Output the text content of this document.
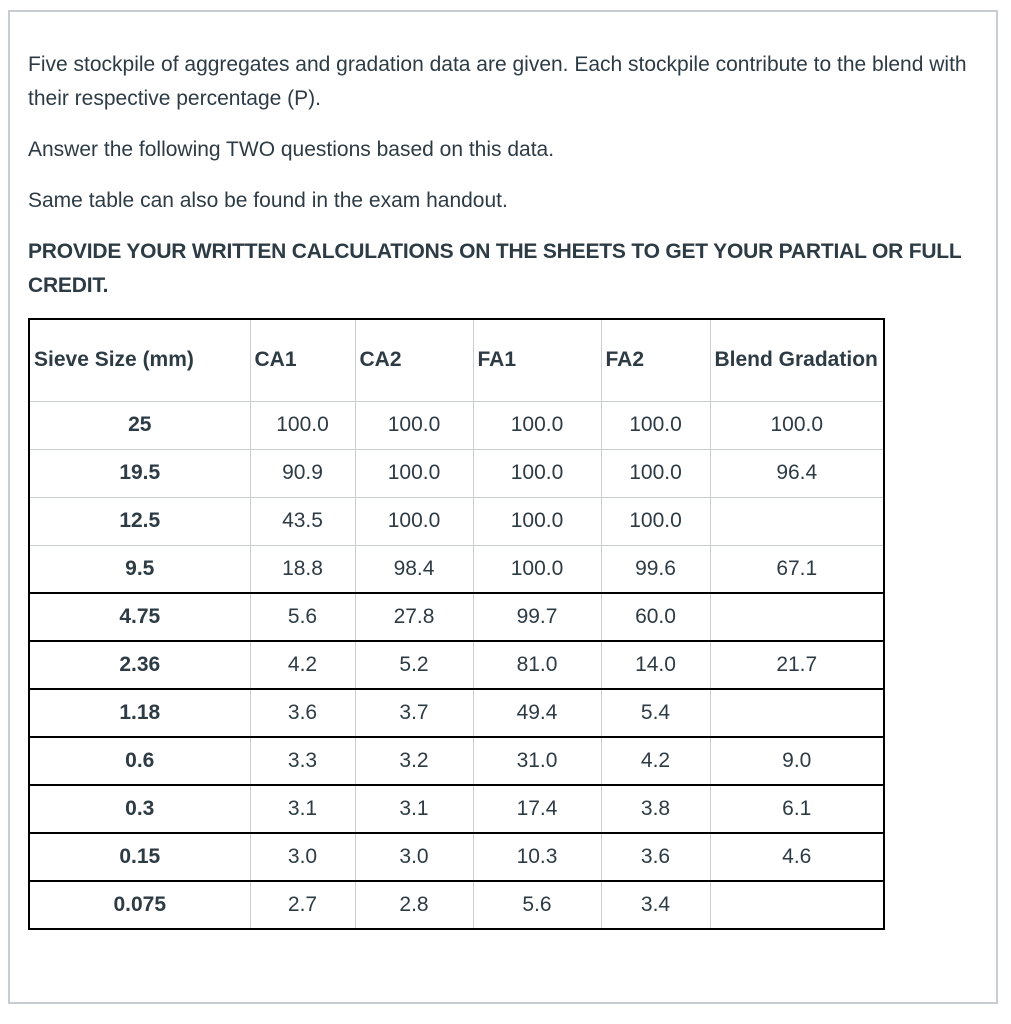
Five stockpile of aggregates and gradation data are given. Each stockpile contribute to the blend with their respective percentage (P).

Answer the following TWO questions based on this data.

Same table can also be found in the exam handout.

PROVIDE YOUR WRITTEN CALCULATIONS ON THE SHEETS TO GET YOUR PARTIAL OR FULL CREDIT.

Sieve Size (mm)	CA1	CA2	FA1	FA2	Blend Gradation
25	100.0	100.0	100.0	100.0	100.0
19.5	90.9	100.0	100.0	100.0	96.4
12.5	43.5	100.0	100.0	100.0	
9.5	18.8	98.4	100.0	99.6	67.1
4.75	5.6	27.8	99.7	60.0	
2.36	4.2	5.2	81.0	14.0	21.7
1.18	3.6	3.7	49.4	5.4	
0.6	3.3	3.2	31.0	4.2	9.0
0.3	3.1	3.1	17.4	3.8	6.1
0.15	3.0	3.0	10.3	3.6	4.6
0.075	2.7	2.8	5.6	3.4	
